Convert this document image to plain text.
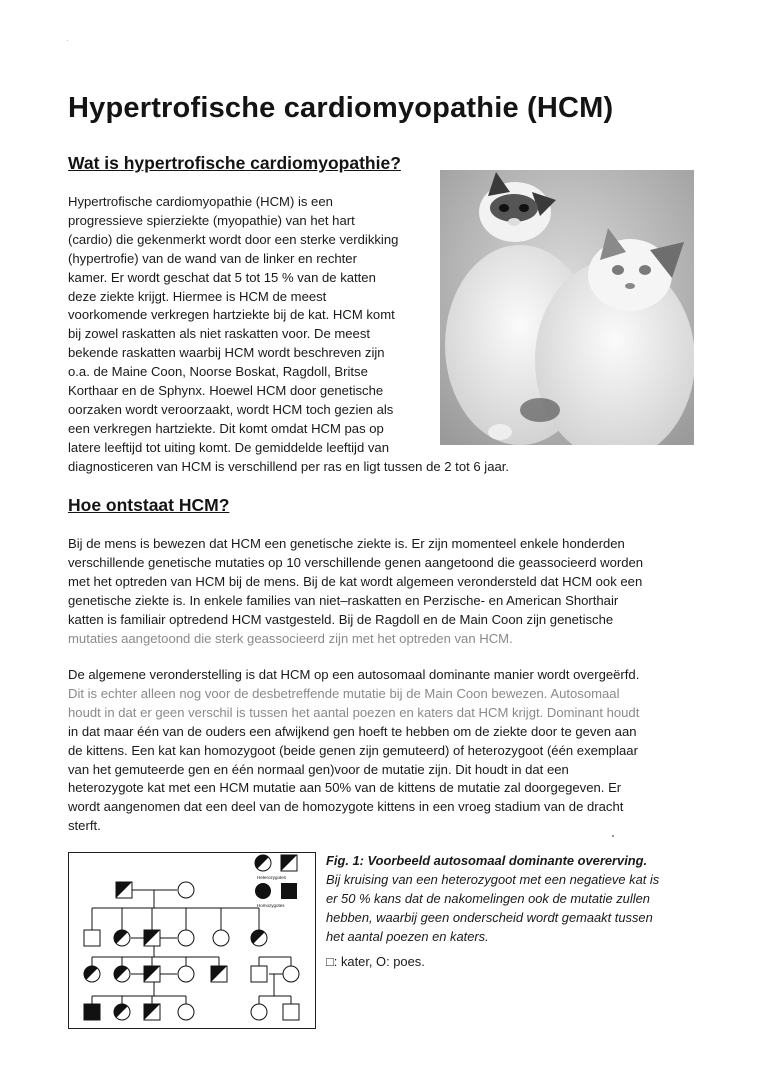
·
Hypertrofische cardiomyopathie (HCM)
Wat is hypertrofische cardiomyopathie?
Hypertrofische cardiomyopathie (HCM) is een
progressieve spierziekte (myopathie) van het hart
(cardio) die gekenmerkt wordt door een sterke verdikking
(hypertrofie) van de wand van de linker en rechter
kamer. Er wordt geschat dat 5 tot 15 % van de katten
deze ziekte krijgt. Hiermee is HCM de meest
voorkomende verkregen hartziekte bij de kat. HCM komt
bij zowel raskatten als niet raskatten voor. De meest
bekende raskatten waarbij HCM wordt beschreven zijn
o.a. de Maine Coon, Noorse Boskat, Ragdoll, Britse
Korthaar en de Sphynx. Hoewel HCM door genetische
oorzaken wordt veroorzaakt, wordt HCM toch gezien als
een verkregen hartziekte. Dit komt omdat HCM pas op
latere leeftijd tot uiting komt. De gemiddelde leeftijd van
diagnosticeren van HCM is verschillend per ras en ligt tussen de 2 tot 6 jaar.
Hoe ontstaat HCM?
Bij de mens is bewezen dat HCM een genetische ziekte is. Er zijn momenteel enkele honderden
verschillende genetische mutaties op 10 verschillende genen aangetoond die geassocieerd worden
met het optreden van HCM bij de mens. Bij de kat wordt algemeen verondersteld dat HCM ook een
genetische ziekte is. In enkele families van niet–raskatten en Perzische- en American Shorthair
katten is familiair optredend HCM vastgesteld. Bij de Ragdoll en de Main Coon zijn genetische
mutaties aangetoond die sterk geassocieerd zijn met het optreden van HCM.
De algemene veronderstelling is dat HCM op een autosomaal dominante manier wordt overgeërfd.
Dit is echter alleen nog voor de desbetreffende mutatie bij de Main Coon bewezen. Autosomaal
houdt in dat er geen verschil is tussen het aantal poezen en katers dat HCM krijgt. Dominant houdt
in dat maar één van de ouders een afwijkend gen hoeft te hebben om de ziekte door te geven aan
de kittens. Een kat kan homozygoot (beide genen zijn gemuteerd) of heterozygoot (één exemplaar
van het gemuteerde gen en één normaal gen)voor de mutatie zijn. Dit houdt in dat een
heterozygote kat met een HCM mutatie aan 50% van de kittens de mutatie zal doorgegeven. Er
wordt aangenomen dat een deel van de homozygote kittens in een vroeg stadium van de dracht
sterft.
Heterozygotes
Homozygotes
Fig. 1: Voorbeeld autosomaal dominante overerving.
Bij kruising van een heterozygoot met een negatieve kat is
er 50 % kans dat de nakomelingen ook de mutatie zullen
hebben, waarbij geen onderscheid wordt gemaakt tussen
het aantal poezen en katers.
□: kater, O: poes.
